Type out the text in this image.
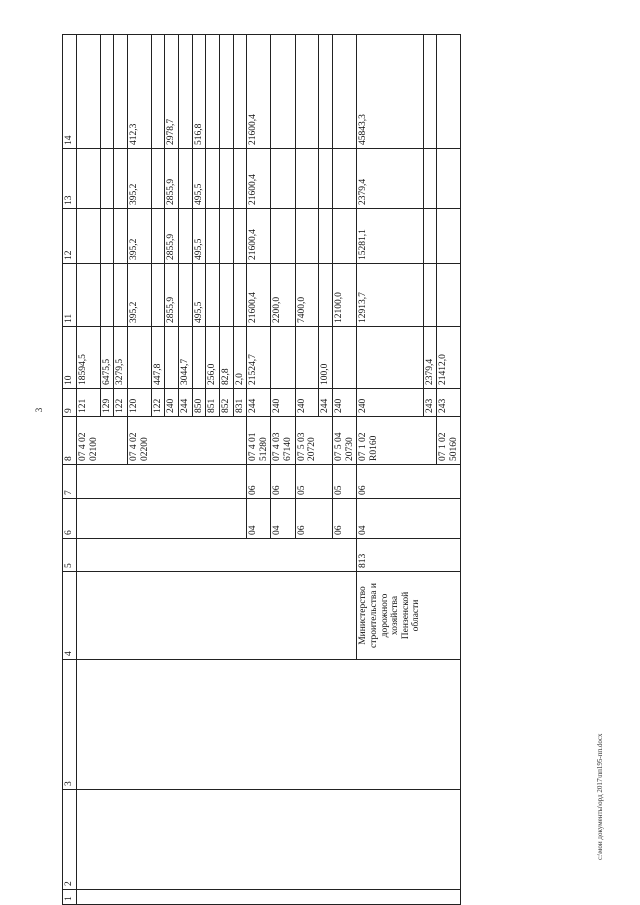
3
1	2	3	4	5	6	7	8	9	10	11	12	13	14
							07 4 02 02100	121	18594,5				
								129	6475,5				
								122	3279,5				
							07 4 02 02200	120		395,2	395,2	395,2	412,3
								122	447,8				
								240		2855,9	2855,9	2855,9	2978,7
								244	3044,7				
								850		495,5	495,5	495,5	516,8
								851	256,0				
								852	82,8				
								831	2,0				
					04	06	07 4 01 51280	244	21524,7	21600,4	21600,4	21600,4	21600,4
					04	06	07 4 03 67140	240		2200,0			
					06	05	07 5 03 20720	240		7400,0			
								244	100,0				
					06	05	07 5 04 20730	240		12100,0			
			Министерство строительства и дорожного хозяйства Пензенской области	813	04	06	07 1 02 R0160	240		12913,7	15281,1	2379,4	45843,3
								243	2379,4				
							07 1 02 50160	243	21412,0				
c:\мои документы\орд 2017\пп195-пп.docx
